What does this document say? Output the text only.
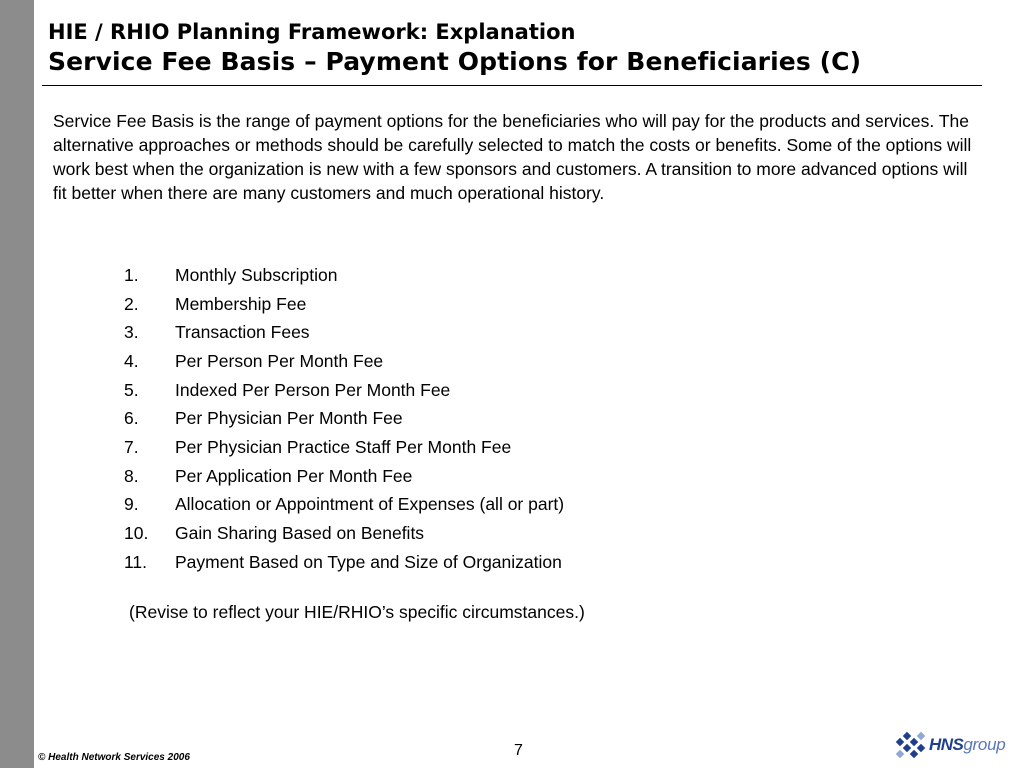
HIE / RHIO Planning Framework: Explanation
Service Fee Basis – Payment Options for Beneficiaries (C)

Service Fee Basis is the range of payment options for the beneficiaries who will pay for the products and services. The alternative approaches or methods should be carefully selected to match the costs or benefits. Some of the options will work best when the organization is new with a few sponsors and customers. A transition to more advanced options will fit better when there are many customers and much operational history.

1.	Monthly Subscription
2.	Membership Fee
3.	Transaction Fees
4.	Per Person Per Month Fee
5.	Indexed Per Person Per Month Fee
6.	Per Physician Per Month Fee
7.	Per Physician Practice Staff Per Month Fee
8.	Per Application Per Month Fee
9.	Allocation or Appointment of Expenses (all or part)
10.	Gain Sharing Based on Benefits
11.	Payment Based on Type and Size of Organization

(Revise to reflect your HIE/RHIO’s specific circumstances.)

© Health Network Services 2006	7	HNS group
